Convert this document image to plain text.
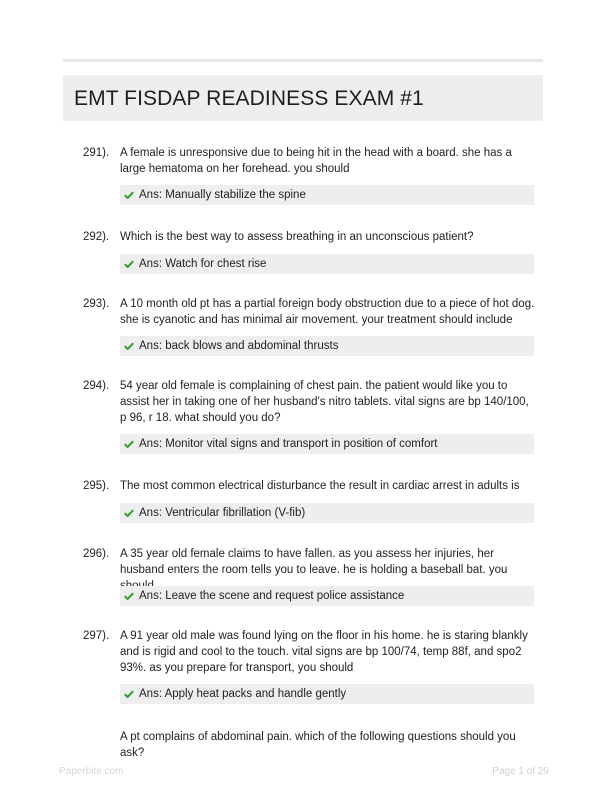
EMT FISDAP READINESS EXAM #1
291). A female is unresponsive due to being hit in the head with a board. she has a large hematoma on her forehead. you should
Ans: Manually stabilize the spine
292). Which is the best way to assess breathing in an unconscious patient?
Ans: Watch for chest rise
293). A 10 month old pt has a partial foreign body obstruction due to a piece of hot dog. she is cyanotic and has minimal air movement. your treatment should include
Ans: back blows and abdominal thrusts
294). 54 year old female is complaining of chest pain. the patient would like you to assist her in taking one of her husband's nitro tablets. vital signs are bp 140/100, p 96, r 18. what should you do?
Ans: Monitor vital signs and transport in position of comfort
295). The most common electrical disturbance the result in cardiac arrest in adults is
Ans: Ventricular fibrillation (V-fib)
296). A 35 year old female claims to have fallen. as you assess her injuries, her husband enters the room tells you to leave. he is holding a baseball bat. you
Ans: Leave the scene and request police assistance
297). A 91 year old male was found lying on the floor in his home. he is staring blankly and is rigid and cool to the touch. vital signs are bp 100/74, temp 88f, and spo2 93%. as you prepare for transport, you should
Ans: Apply heat packs and handle gently
A pt complains of abdominal pain. which of the following questions should you ask?
Paperbite.com	Page 1 of 29
